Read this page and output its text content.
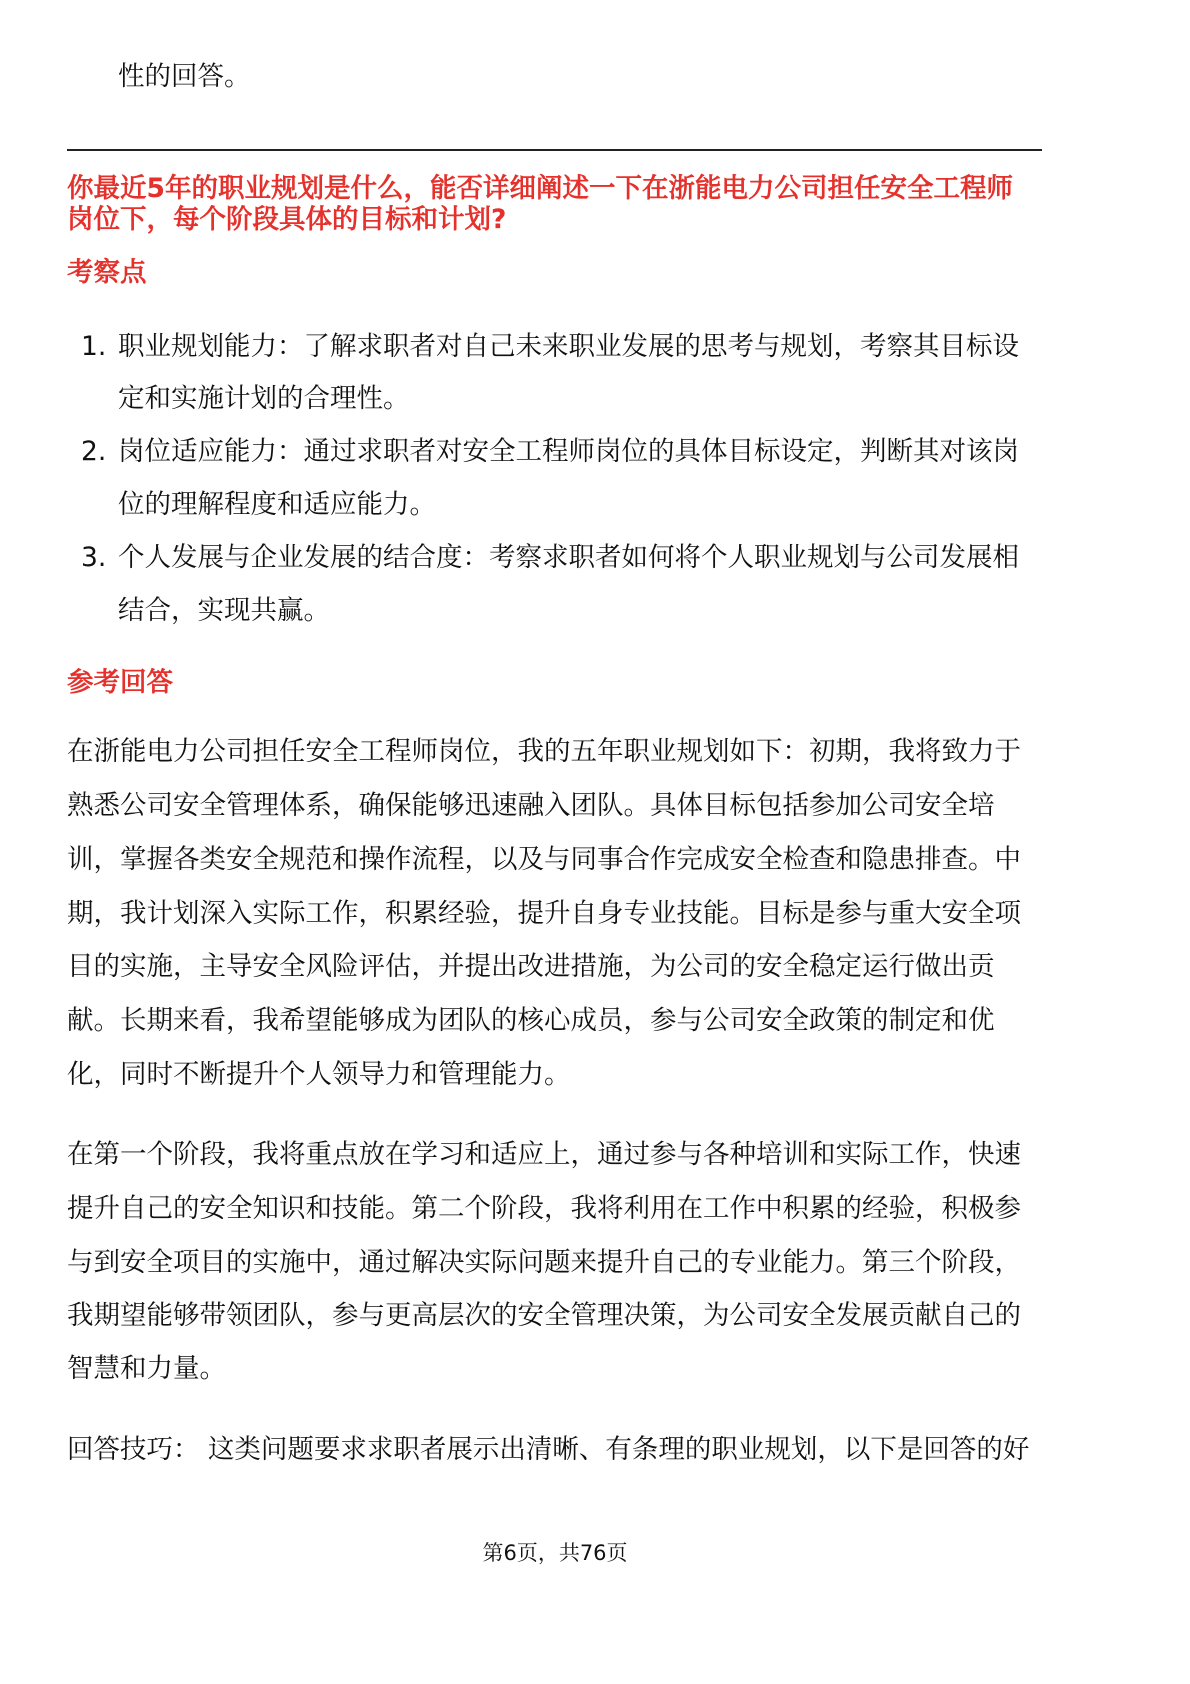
性的回答。
你最近5年的职业规划是什么，能否详细阐述一下在浙能电力公司担任安全工程师
岗位下，每个阶段具体的目标和计划?
考察点
1. 职业规划能力：了解求职者对自己未来职业发展的思考与规划，考察其目标设
定和实施计划的合理性。
2. 岗位适应能力：通过求职者对安全工程师岗位的具体目标设定，判断其对该岗
位的理解程度和适应能力。
3. 个人发展与企业发展的结合度：考察求职者如何将个人职业规划与公司发展相
结合，实现共赢。
参考回答
在浙能电力公司担任安全工程师岗位，我的五年职业规划如下：初期，我将致力于
熟悉公司安全管理体系，确保能够迅速融入团队。具体目标包括参加公司安全培
训，掌握各类安全规范和操作流程，以及与同事合作完成安全检查和隐患排查。中
期，我计划深入实际工作，积累经验，提升自身专业技能。目标是参与重大安全项
目的实施，主导安全风险评估，并提出改进措施，为公司的安全稳定运行做出贡
献。长期来看，我希望能够成为团队的核心成员，参与公司安全政策的制定和优
化，同时不断提升个人领导力和管理能力。
在第一个阶段，我将重点放在学习和适应上，通过参与各种培训和实际工作，快速
提升自己的安全知识和技能。第二个阶段，我将利用在工作中积累的经验，积极参
与到安全项目的实施中，通过解决实际问题来提升自己的专业能力。第三个阶段，
我期望能够带领团队，参与更高层次的安全管理决策，为公司安全发展贡献自己的
智慧和力量。
回答技巧： 这类问题要求求职者展示出清晰、有条理的职业规划，以下是回答的好
第6页，共76页
